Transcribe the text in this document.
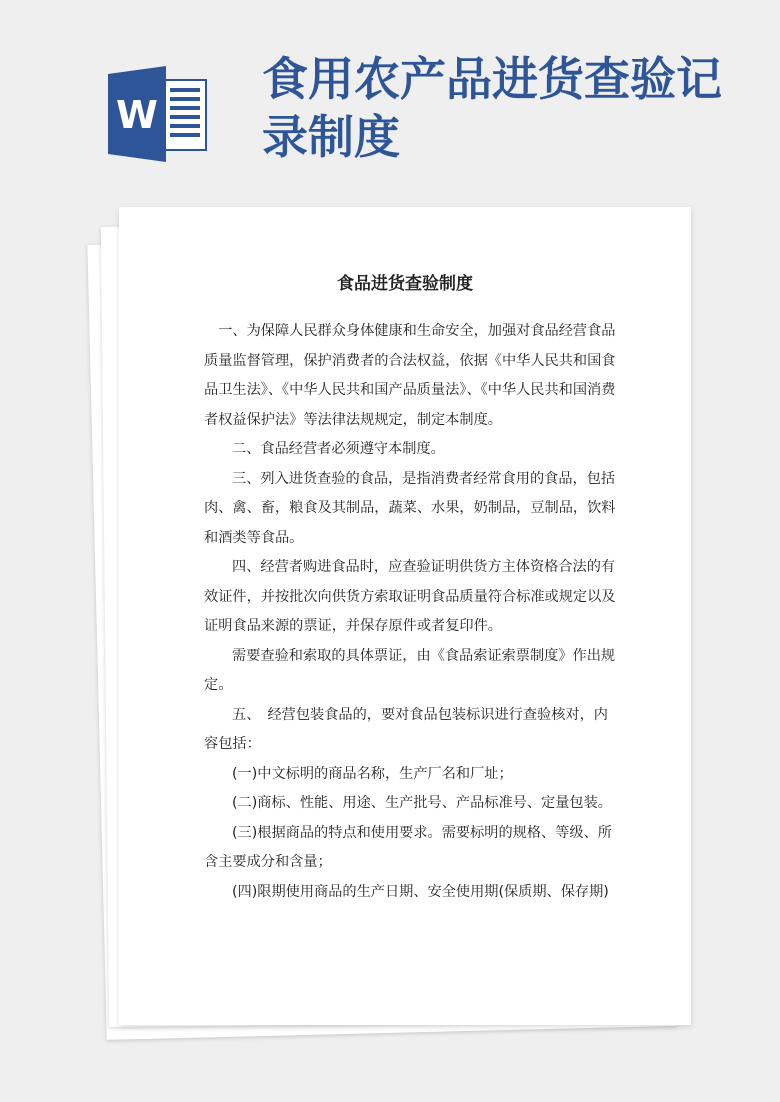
W
食用农产品进货查验记录制度
食品进货查验制度

　一、为保障人民群众身体健康和生命安全，加强对食品经营食品质量监督管理，保护消费者的合法权益，依据《中华人民共和国食品卫生法》、《中华人民共和国产品质量法》、《中华人民共和国消费者权益保护法》等法律法规规定，制定本制度。

二、食品经营者必须遵守本制度。

三、列入进货查验的食品，是指消费者经常食用的食品，包括肉、禽、畜，粮食及其制品，蔬菜、水果，奶制品，豆制品，饮料和酒类等食品。

四、经营者购进食品时，应查验证明供货方主体资格合法的有效证件，并按批次向供货方索取证明食品质量符合标准或规定以及证明食品来源的票证，并保存原件或者复印件。

需要查验和索取的具体票证，由《食品索证索票制度》作出规定。

五、　经营包装食品的，要对食品包装标识进行查验核对，内容包括：

(一)中文标明的商品名称，生产厂名和厂址；

(二)商标、性能、用途、生产批号、产品标准号、定量包装。

(三)根据商品的特点和使用要求。需要标明的规格、等级、所含主要成分和含量；

(四)限期使用商品的生产日期、安全使用期(保质期、保存期)
